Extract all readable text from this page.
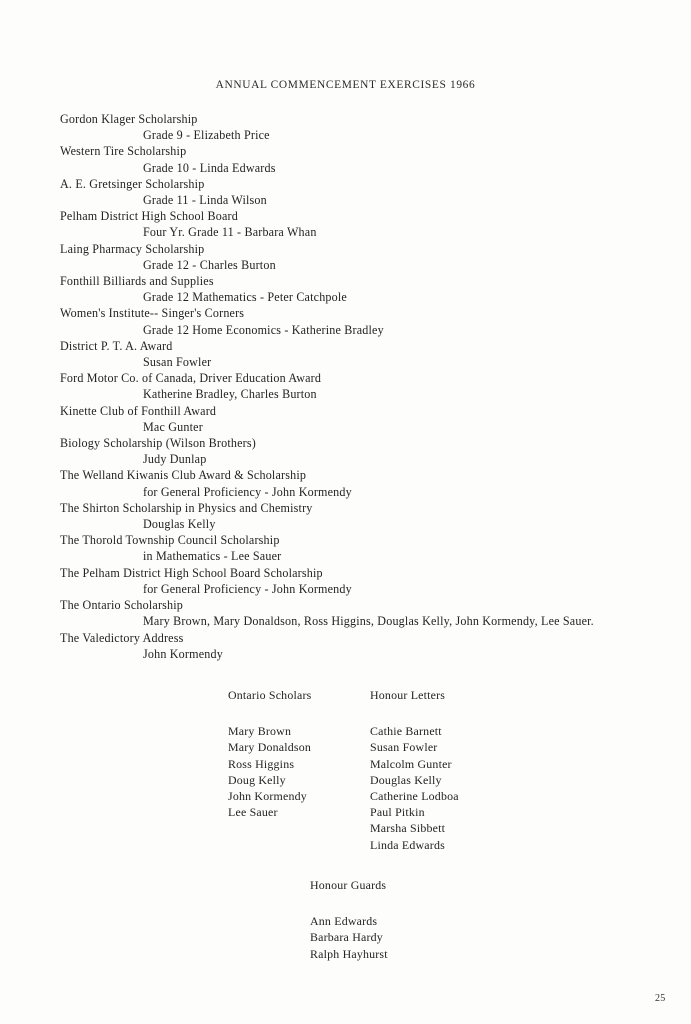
ANNUAL COMMENCEMENT EXERCISES 1966
Gordon Klager Scholarship
Grade 9 - Elizabeth Price
Western Tire Scholarship
Grade 10 - Linda Edwards
A. E. Gretsinger Scholarship
Grade 11 - Linda Wilson
Pelham District High School Board
Four Yr. Grade 11 - Barbara Whan
Laing Pharmacy Scholarship
Grade 12 - Charles Burton
Fonthill Billiards and Supplies
Grade 12 Mathematics - Peter Catchpole
Women's Institute-- Singer's Corners
Grade 12 Home Economics - Katherine Bradley
District P. T. A. Award
Susan Fowler
Ford Motor Co. of Canada, Driver Education Award
Katherine Bradley, Charles Burton
Kinette Club of Fonthill Award
Mac Gunter
Biology Scholarship (Wilson Brothers)
Judy Dunlap
The Welland Kiwanis Club Award & Scholarship
for General Proficiency - John Kormendy
The Shirton Scholarship in Physics and Chemistry
Douglas Kelly
The Thorold Township Council Scholarship
in Mathematics - Lee Sauer
The Pelham District High School Board Scholarship
for General Proficiency - John Kormendy
The Ontario Scholarship
Mary Brown, Mary Donaldson, Ross Higgins, Douglas Kelly, John Kormendy, Lee Sauer.
The Valedictory Address
John Kormendy
Ontario Scholars
Mary Brown
Mary Donaldson
Ross Higgins
Doug Kelly
John Kormendy
Lee Sauer
Honour Letters
Cathie Barnett
Susan Fowler
Malcolm Gunter
Douglas Kelly
Catherine Lodboa
Paul Pitkin
Marsha Sibbett
Linda Edwards
Honour Guards
Ann Edwards
Barbara Hardy
Ralph Hayhurst
25
